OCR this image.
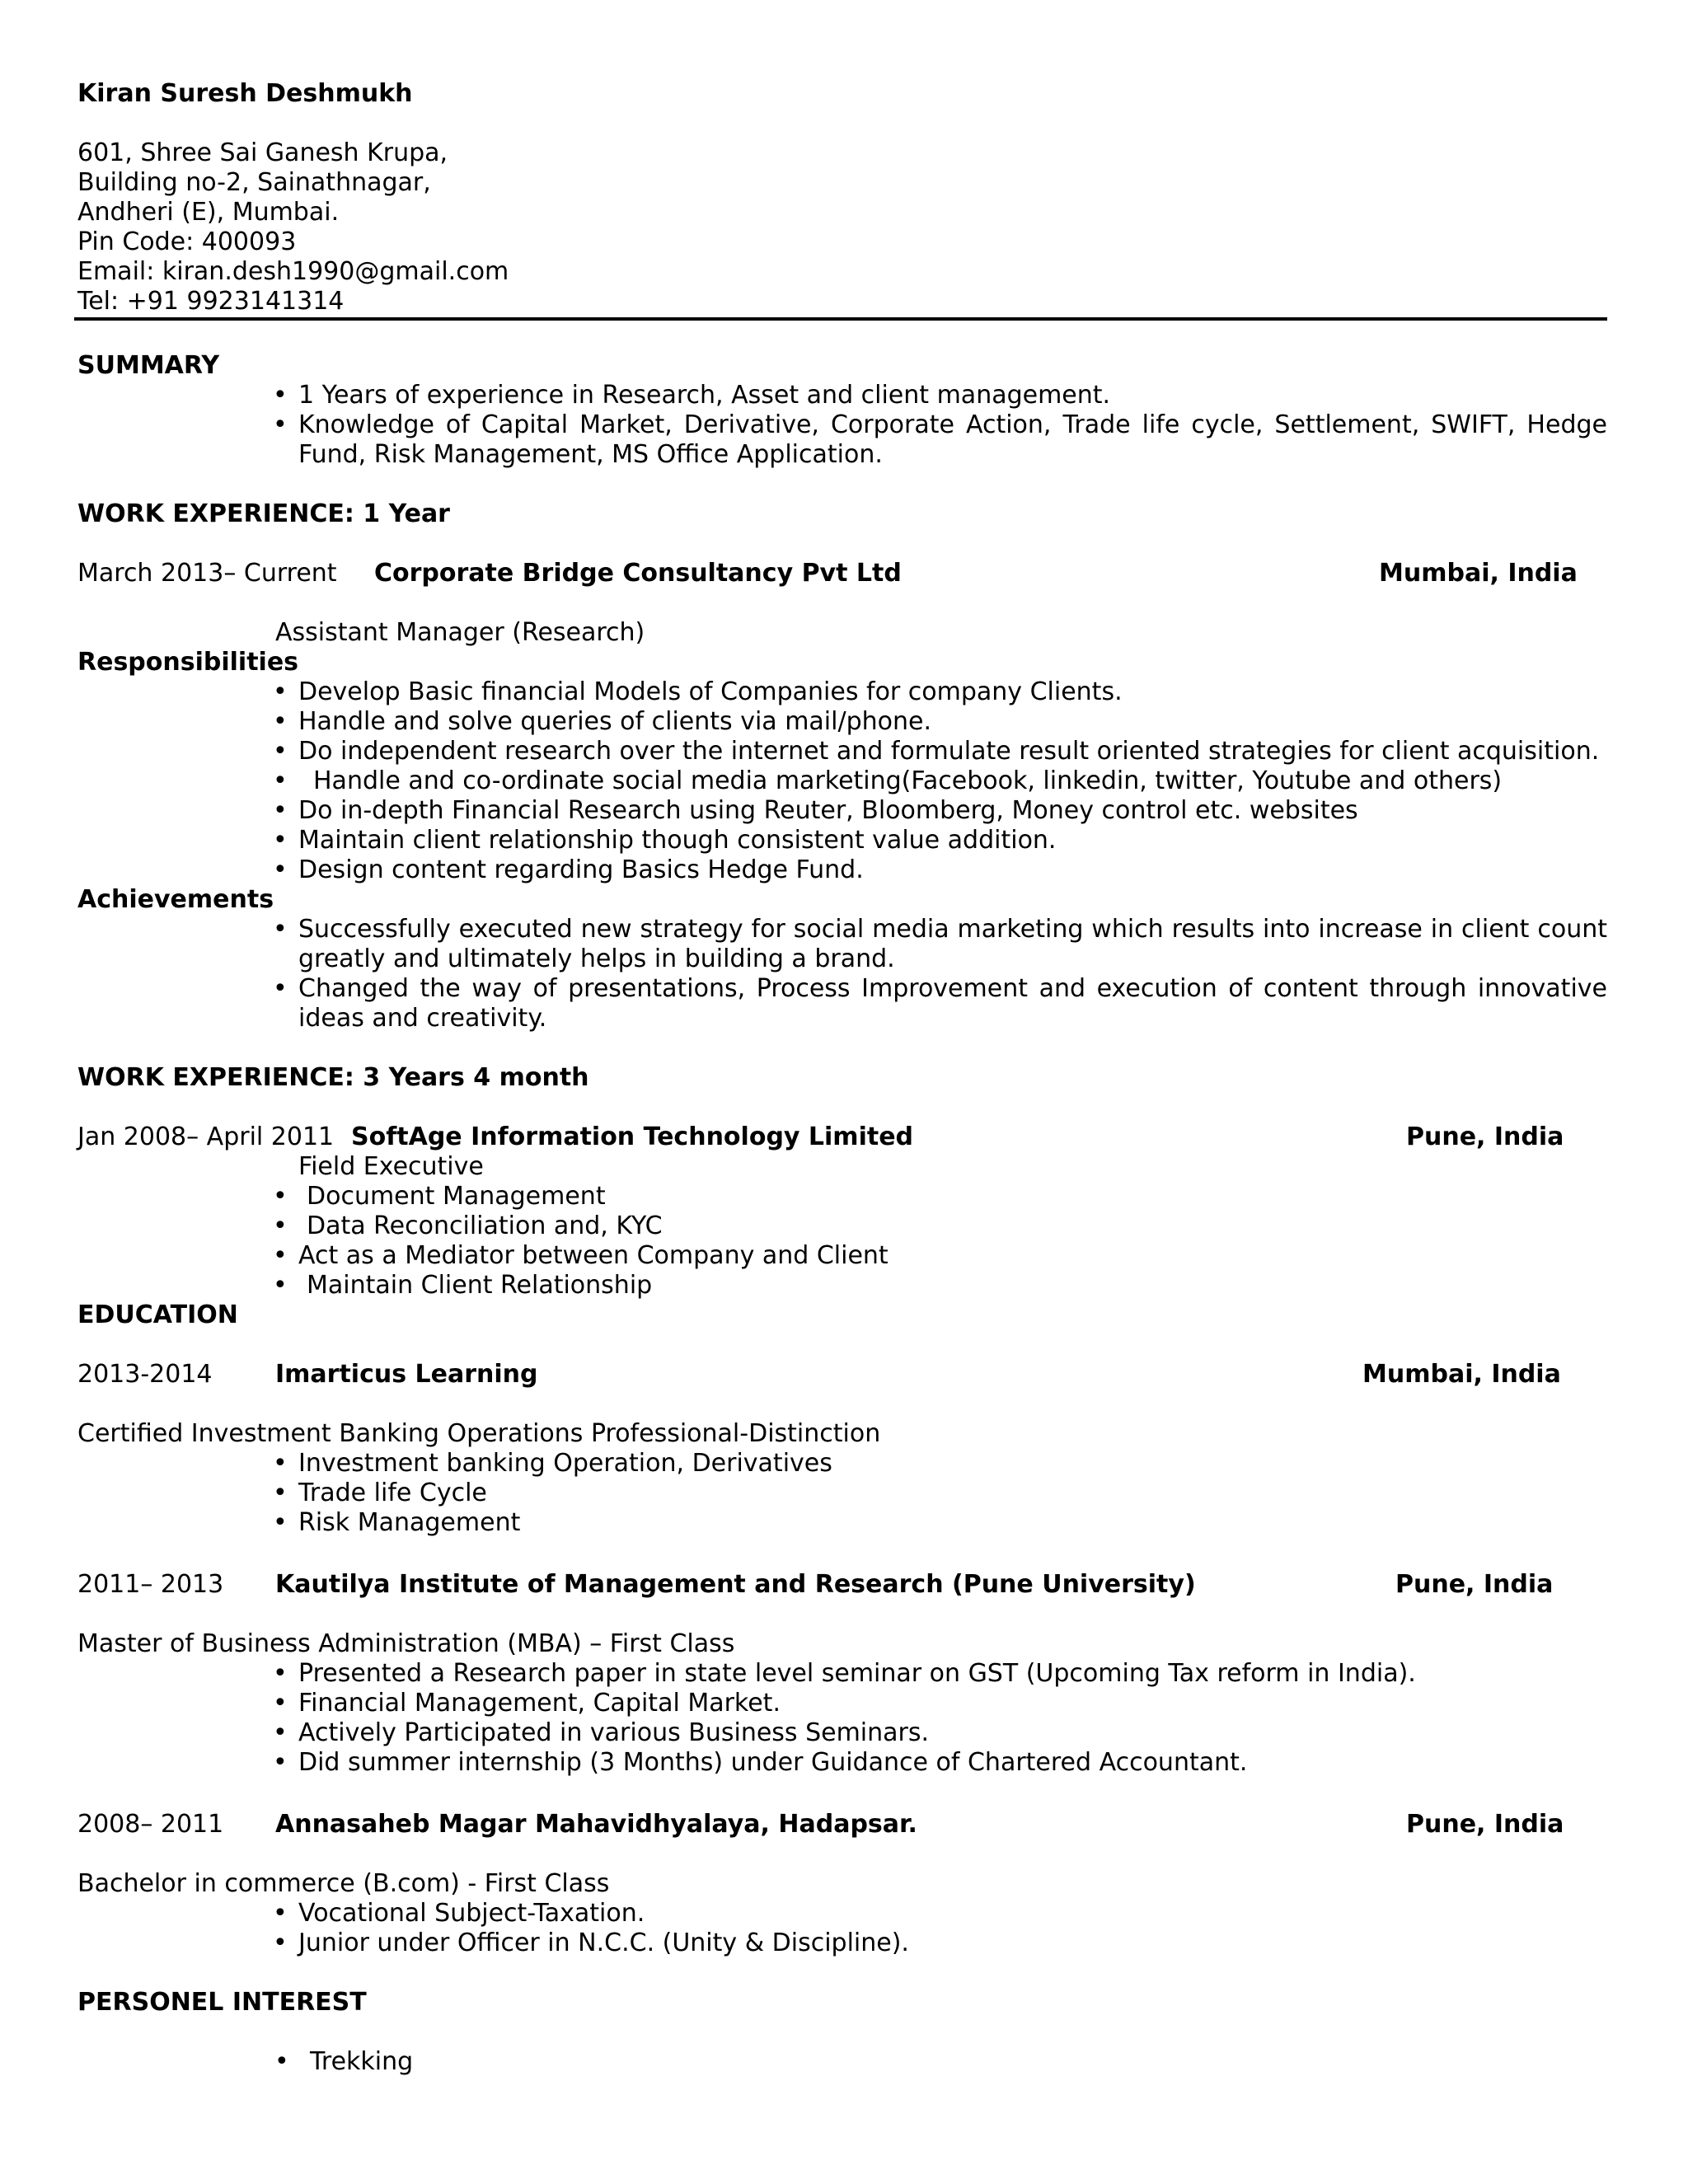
Kiran Suresh Deshmukh
601, Shree Sai Ganesh Krupa,
Building no-2, Sainathnagar,
Andheri (E), Mumbai.
Pin Code: 400093
Email: kiran.desh1990@gmail.com
Tel: +91 9923141314
SUMMARY
• 1 Years of experience in Research, Asset and client management.
• Knowledge of Capital Market, Derivative, Corporate Action, Trade life cycle, Settlement, SWIFT, Hedge
Fund, Risk Management, MS Office Application.
WORK EXPERIENCE: 1 Year
March 2013– Current Corporate Bridge Consultancy Pvt Ltd	Mumbai, India
Assistant Manager (Research)
Responsibilities
• Develop Basic financial Models of Companies for company Clients.
• Handle and solve queries of clients via mail/phone.
• Do independent research over the internet and formulate result oriented strategies for client acquisition.
• Handle and co-ordinate social media marketing(Facebook, linkedin, twitter, Youtube and others)
• Do in-depth Financial Research using Reuter, Bloomberg, Money control etc. websites
• Maintain client relationship though consistent value addition.
• Design content regarding Basics Hedge Fund.
Achievements
• Successfully executed new strategy for social media marketing which results into increase in client count
greatly and ultimately helps in building a brand.
• Changed the way of presentations, Process Improvement and execution of content through innovative
ideas and creativity.
WORK EXPERIENCE: 3 Years 4 month
Jan 2008– April 2011 SoftAge Information Technology Limited	Pune, India
Field Executive
• Document Management
• Data Reconciliation and, KYC
• Act as a Mediator between Company and Client
• Maintain Client Relationship
EDUCATION
2013-2014	Imarticus Learning	Mumbai, India
Certified Investment Banking Operations Professional-Distinction
• Investment banking Operation, Derivatives
• Trade life Cycle
• Risk Management
2011– 2013 Kautilya Institute of Management and Research (Pune University)	Pune, India
Master of Business Administration (MBA) – First Class
• Presented a Research paper in state level seminar on GST (Upcoming Tax reform in India).
• Financial Management, Capital Market.
• Actively Participated in various Business Seminars.
• Did summer internship (3 Months) under Guidance of Chartered Accountant.
2008– 2011 Annasaheb Magar Mahavidhyalaya, Hadapsar.	Pune, India
Bachelor in commerce (B.com) - First Class
• Vocational Subject-Taxation.
• Junior under Officer in N.C.C. (Unity & Discipline).
PERSONEL INTEREST
• Trekking
